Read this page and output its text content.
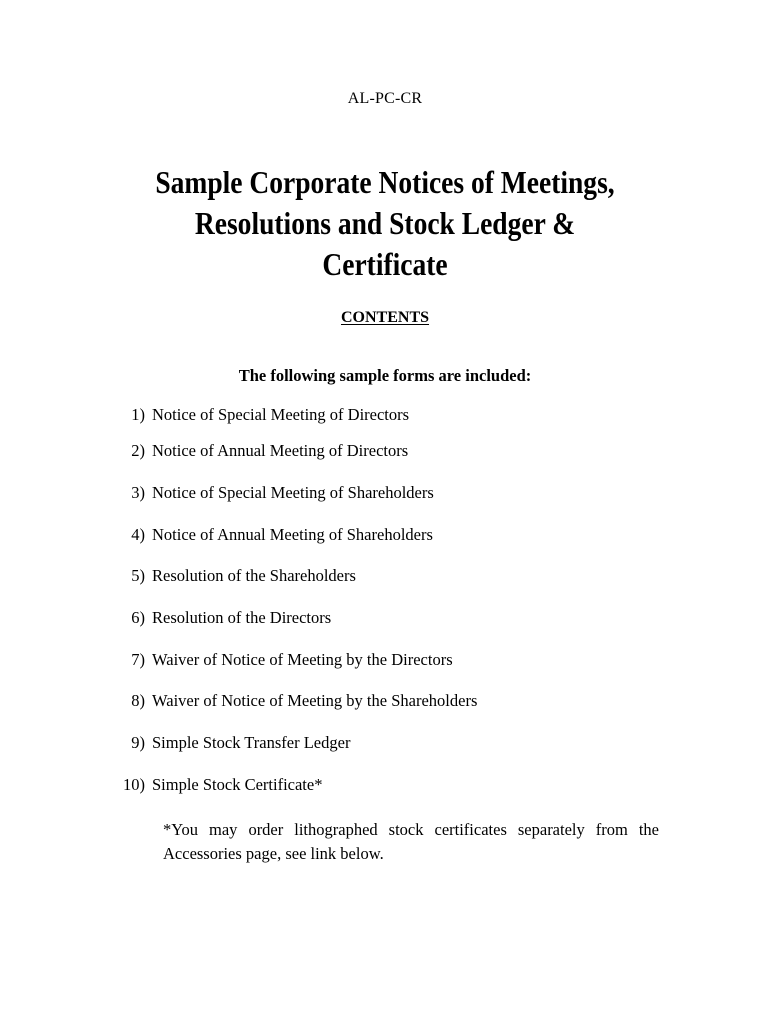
AL-PC-CR
Sample Corporate Notices of Meetings,
Resolutions and Stock Ledger &
Certificate
CONTENTS
The following sample forms are included:
1) Notice of Special Meeting of Directors
2) Notice of Annual Meeting of Directors
3) Notice of Special Meeting of Shareholders
4) Notice of Annual Meeting of Shareholders
5) Resolution of the Shareholders
6) Resolution of the Directors
7) Waiver of Notice of Meeting by the Directors
8) Waiver of Notice of Meeting by the Shareholders
9) Simple Stock Transfer Ledger
10) Simple Stock Certificate*

*You may order lithographed stock certificates separately from the Accessories page, see link below.
